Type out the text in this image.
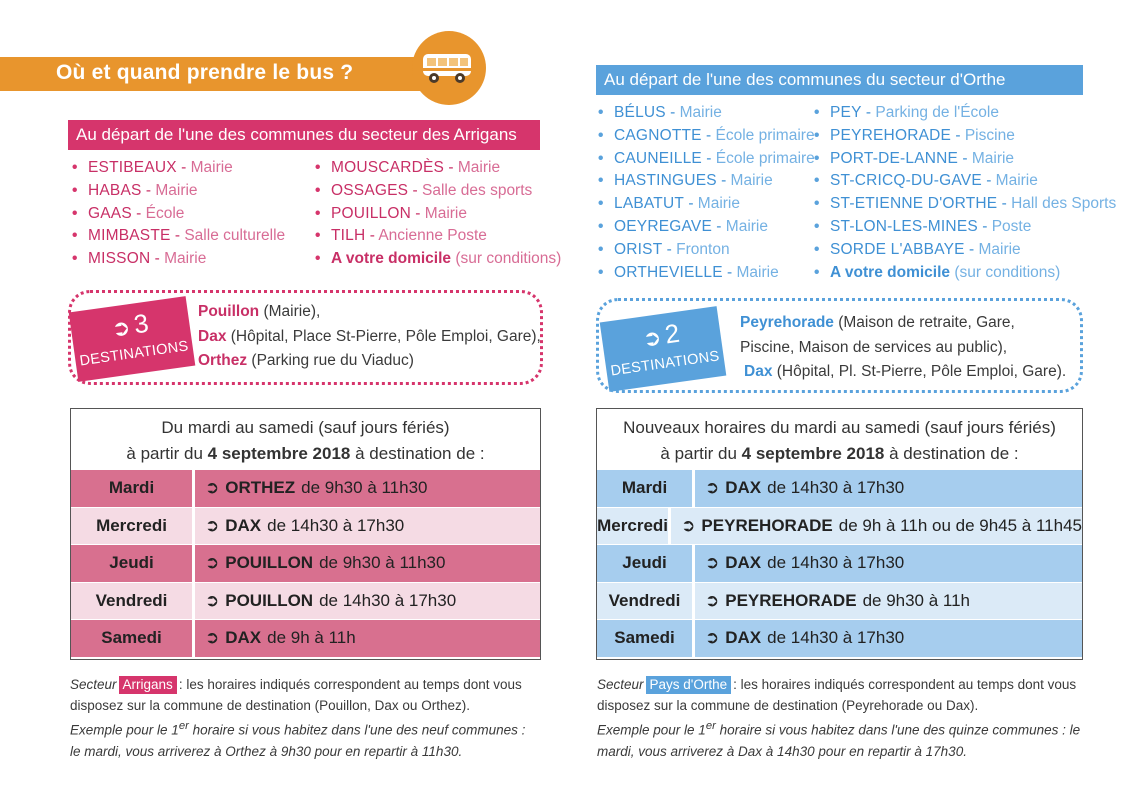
Où et quand prendre le bus ?
Au départ de l'une des communes du secteur des Arrigans
• ESTIBEAUX - Mairie
• HABAS - Mairie
• GAAS - École
• MIMBASTE - Salle culturelle
• MISSON - Mairie
• MOUSCARDÈS - Mairie
• OSSAGES - Salle des sports
• POUILLON - Mairie
• TILH - Ancienne Poste
• A votre domicile (sur conditions)
➲3
DESTINATIONS
Pouillon (Mairie),
Dax (Hôpital, Place St-Pierre, Pôle Emploi, Gare),
Orthez (Parking rue du Viaduc)
Du mardi au samedi (sauf jours fériés)
à partir du 4 septembre 2018 à destination de :
Mardi	➲ ORTHEZ de 9h30 à 11h30
Mercredi	➲ DAX de 14h30 à 17h30
Jeudi	➲ POUILLON de 9h30 à 11h30
Vendredi	➲ POUILLON de 14h30 à 17h30
Samedi	➲ DAX de 9h à 11h
Secteur Arrigans : les horaires indiqués correspondent au temps dont vous disposez sur la commune de destination (Pouillon, Dax ou Orthez).
Exemple pour le 1er horaire si vous habitez dans l'une des neuf communes :
le mardi, vous arriverez à Orthez à 9h30 pour en repartir à 11h30.
Au départ de l'une des communes du secteur d'Orthe
• BÉLUS - Mairie
• CAGNOTTE - École primaire
• CAUNEILLE - École primaire
• HASTINGUES - Mairie
• LABATUT - Mairie
• OEYREGAVE - Mairie
• ORIST - Fronton
• ORTHEVIELLE - Mairie
• PEY - Parking de l'École
• PEYREHORADE - Piscine
• PORT-DE-LANNE - Mairie
• ST-CRICQ-DU-GAVE - Mairie
• ST-ETIENNE D'ORTHE - Hall des Sports
• ST-LON-LES-MINES - Poste
• SORDE L'ABBAYE - Mairie
• A votre domicile (sur conditions)
➲2
DESTINATIONS
Peyrehorade (Maison de retraite, Gare,
Piscine, Maison de services au public),
Dax (Hôpital, Pl. St-Pierre, Pôle Emploi, Gare).
Nouveaux horaires du mardi au samedi (sauf jours fériés)
à partir du 4 septembre 2018 à destination de :
Mardi	➲ DAX de 14h30 à 17h30
Mercredi ➲ PEYREHORADE de 9h à 11h ou de 9h45 à 11h45
Jeudi	➲ DAX de 14h30 à 17h30
Vendredi	➲ PEYREHORADE de 9h30 à 11h
Samedi	➲ DAX de 14h30 à 17h30
Secteur Pays d'Orthe : les horaires indiqués correspondent au temps dont vous disposez sur la commune de destination (Peyrehorade ou Dax).
Exemple pour le 1er horaire si vous habitez dans l'une des quinze communes : le
mardi, vous arriverez à Dax à 14h30 pour en repartir à 17h30.
